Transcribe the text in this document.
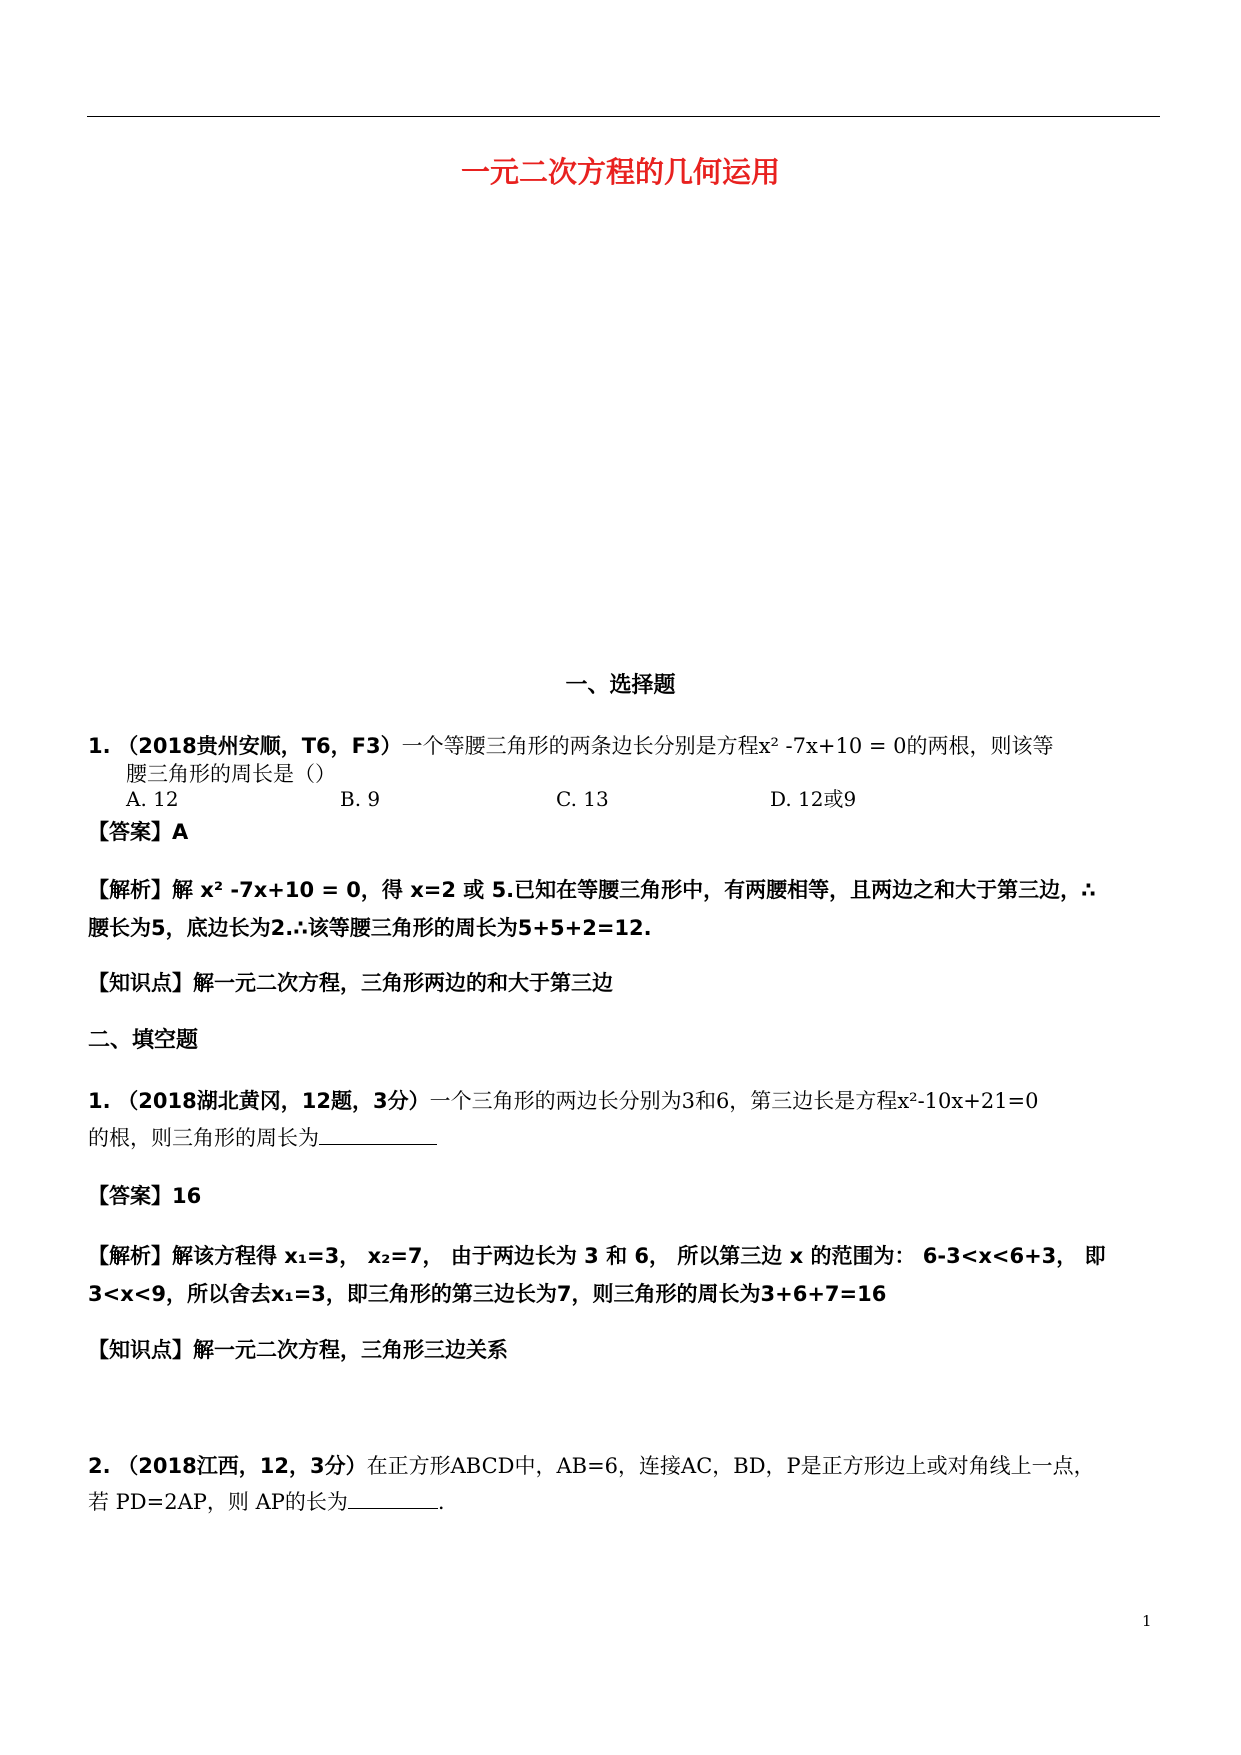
一元二次方程的几何运用
一、选择题
1. （2018贵州安顺，T6，F3）一个等腰三角形的两条边长分别是方程x² -7x+10 = 0的两根，则该等
腰三角形的周长是（）
A. 12	B. 9	C. 13	D. 12或9
【答案】A
【解析】解 x² -7x+10 = 0，得 x=2 或 5.已知在等腰三角形中，有两腰相等，且两边之和大于第三边，∴
腰长为5，底边长为2.∴该等腰三角形的周长为5+5+2=12.
【知识点】解一元二次方程，三角形两边的和大于第三边
二、填空题
1. （2018湖北黄冈，12题，3分）一个三角形的两边长分别为3和6，第三边长是方程x²-10x+21=0
的根，则三角形的周长为
【答案】16
【解析】解该方程得 x₁=3， x₂=7， 由于两边长为 3 和 6， 所以第三边 x 的范围为： 6-3<x<6+3， 即
3<x<9，所以舍去x₁=3，即三角形的第三边长为7，则三角形的周长为3+6+7=16
【知识点】解一元二次方程，三角形三边关系
2. （2018江西，12，3分）在正方形ABCD中，AB=6，连接AC，BD，P是正方形边上或对角线上一点，
若 PD=2AP，则 AP的长为	.
1
